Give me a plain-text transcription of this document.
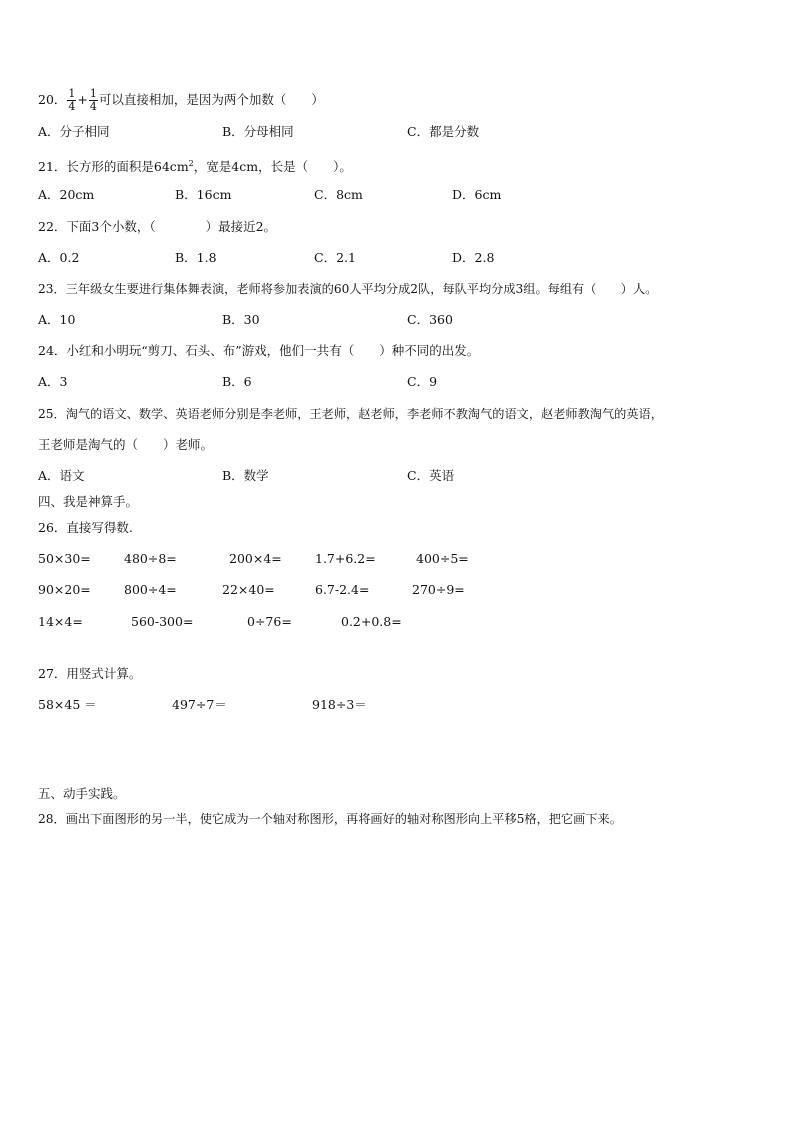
20． $\frac{1}{4} + \frac{1}{4}$ 可以直接相加，是因为两个加数（　　）
A．分子相同	B．分母相同	C．都是分数
21．长方形的面积是$64cm^2$，宽是4cm，长是（　　）。
A．20cm	B．16cm	C．8cm	D．6cm
22．下面3个小数，（　　　　）最接近2。
A．0.2	B．1.8	C．2.1	D．2.8
23．三年级女生要进行集体舞表演，老师将参加表演的60人平均分成2队，每队平均分成3组。每组有（　　）人。
A．10	B．30	C．360
24．小红和小明玩“剪刀、石头、布”游戏，他们一共有（　　）种不同的出发。
A．3	B．6	C．9
25．淘气的语文、数学、英语老师分别是李老师，王老师，赵老师，李老师不教淘气的语文，赵老师教淘气的英语，
王老师是淘气的（　　）老师。
A．语文	B．数学	C．英语
四、我是神算手。
26．直接写得数.
50×30=	480÷8=	200×4=	1.7+6.2=	400÷5=
90×20=	800÷4=	22×40=	6.7-2.4=	270÷9=
14×4=	560-300=	0÷76=	0.2+0.8=
27．用竖式计算。
58×45 ＝	497÷7＝	918÷3＝
五、动手实践。
28．画出下面图形的另一半，使它成为一个轴对称图形，再将画好的轴对称图形向上平移5格，把它画下来。
